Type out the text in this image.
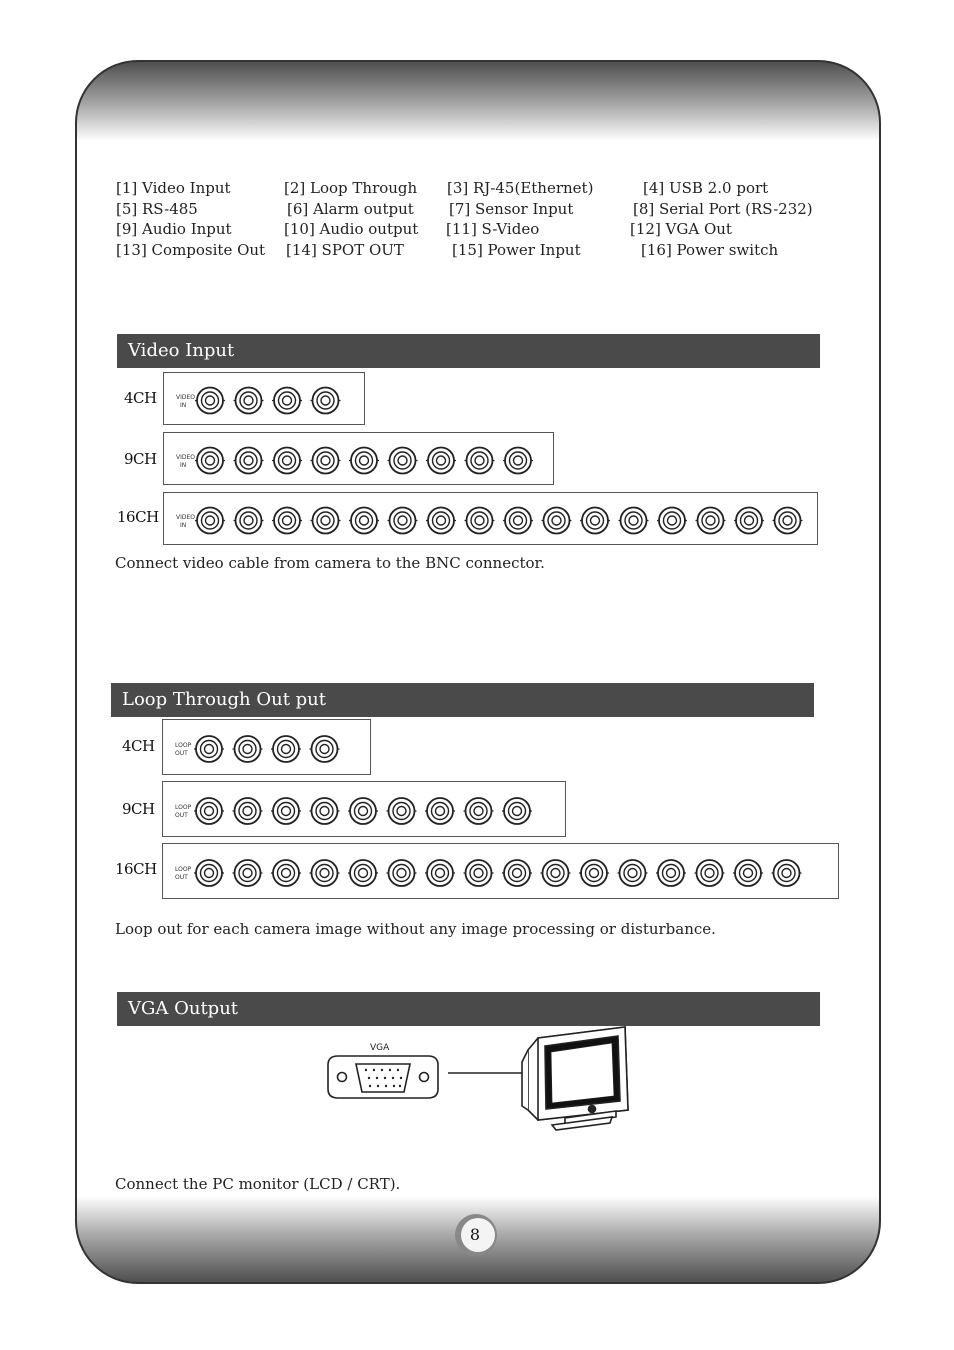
8
[1] Video Input	[2] Loop Through [3] RJ-45(Ethernet)	[4] USB 2.0 port
[5] RS-485	[6] Alarm output [7] Sensor Input	[8] Serial Port (RS-232)
[9] Audio Input	[10] Audio output [11] S-Video	[12] VGA Out
[13] Composite Out [14] SPOT OUT	[15] Power Input	[16] Power switch
Video Input
4CH	VIDEO
IN
9CH	VIDEO
IN
16CH	VIDEO
IN
Connect video cable from camera to the BNC connector.
Loop Through Out put
4CH	LOOP
OUT
9CH	LOOP
OUT
16CH	LOOP
OUT
Loop out for each camera image without any image processing or disturbance.
VGA Output
VGA
Connect the PC monitor (LCD / CRT).
